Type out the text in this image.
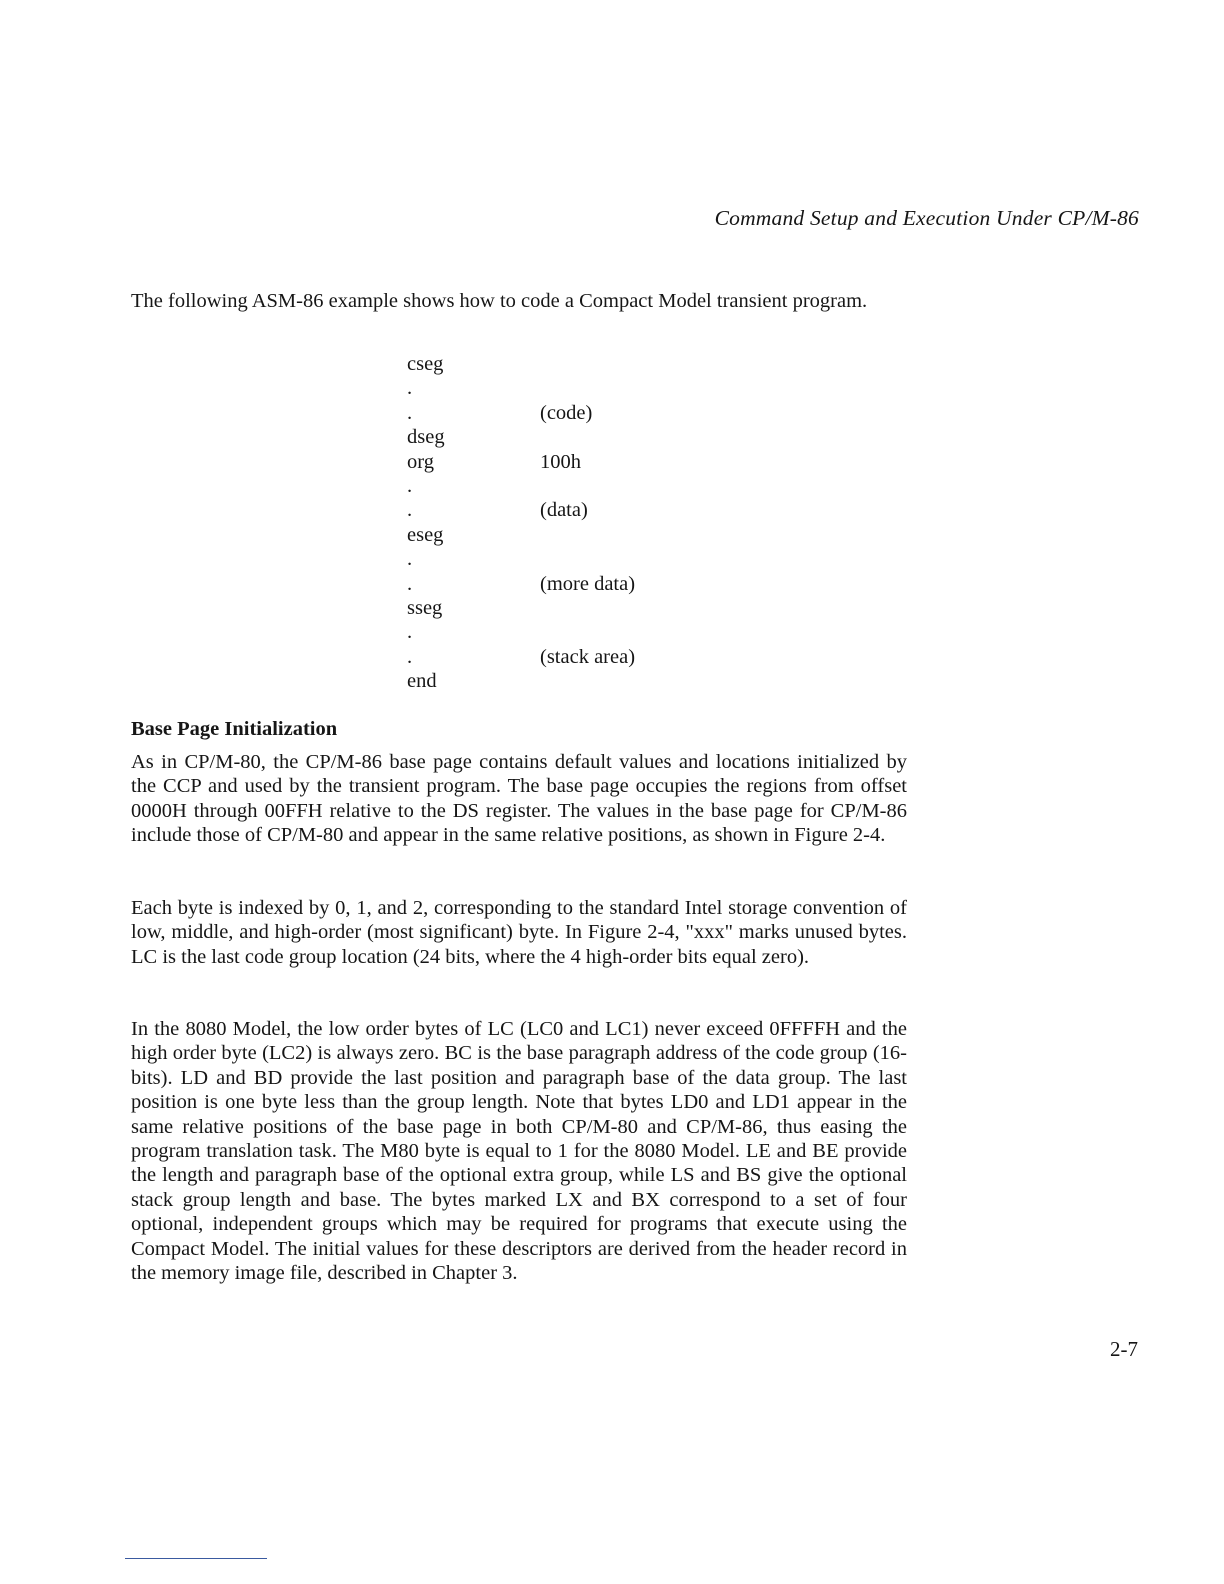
Command Setup and Execution Under CP/M-86

The following ASM-86 example shows how to code a Compact Model transient program.

cseg
.
.	(code)
dseg
org	100h
.
.	(data)
eseg
.
.	(more data)
sseg
.
.	(stack area)
end
Base Page Initialization

As in CP/M-80, the CP/M-86 base page contains default values and locations initialized by the CCP and used by the transient program. The base page occupies the regions from offset 0000H through 00FFH relative to the DS register. The values in the base page for CP/M-86 include those of CP/M-80 and appear in the same relative positions, as shown in Figure 2-4.

Each byte is indexed by 0, 1, and 2, corresponding to the standard Intel storage convention of low, middle, and high-order (most significant) byte. In Figure 2-4, "xxx" marks unused bytes. LC is the last code group location (24 bits, where the 4 high-order bits equal zero).

In the 8080 Model, the low order bytes of LC (LC0 and LC1) never exceed 0FFFFH and the high order byte (LC2) is always zero. BC is the base paragraph address of the code group (16-bits). LD and BD provide the last position and paragraph base of the data group. The last position is one byte less than the group length. Note that bytes LD0 and LD1 appear in the same relative positions of the base page in both CP/M-80 and CP/M-86, thus easing the program translation task. The M80 byte is equal to 1 for the 8080 Model. LE and BE provide the length and paragraph base of the optional extra group, while LS and BS give the optional stack group length and base. The bytes marked LX and BX correspond to a set of four optional, independent groups which may be required for programs that execute using the Compact Model. The initial values for these descriptors are derived from the header record in the memory image file, described in Chapter 3.

2-7
